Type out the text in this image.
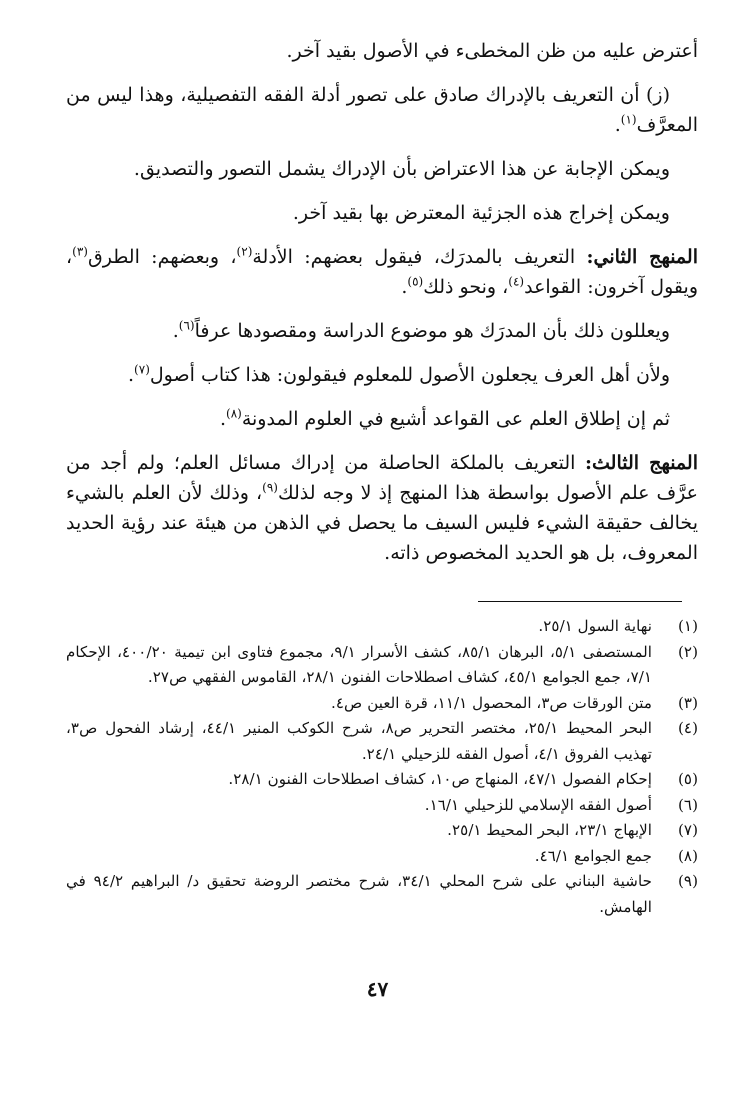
أعترض عليه من ظن المخطىء في الأصول بقيد آخر.

(ز) أن التعريف بالإدراك صادق على تصور أدلة الفقه التفصيلية، وهذا ليس من المعرَّف$^{(١)}$.

ويمكن الإجابة عن هذا الاعتراض بأن الإدراك يشمل التصور والتصديق.

ويمكن إخراج هذه الجزئية المعترض بها بقيد آخر.

المنهج الثاني: التعريف بالمدرَك، فيقول بعضهم: الأدلة$^{(٢)}$، وبعضهم: الطرق$^{(٣)}$، ويقول آخرون: القواعد$^{(٤)}$، ونحو ذلك$^{(٥)}$.

ويعللون ذلك بأن المدرَك هو موضوع الدراسة ومقصودها عرفاً$^{(٦)}$.

ولأن أهل العرف يجعلون الأصول للمعلوم فيقولون: هذا كتاب أصول$^{(٧)}$.

ثم إن إطلاق العلم عى القواعد أشيع في العلوم المدونة$^{(٨)}$.

المنهج الثالث: التعريف بالملكة الحاصلة من إدراك مسائل العلم؛ ولم أجد من عرَّف علم الأصول بواسطة هذا المنهج إذ لا وجه لذلك$^{(٩)}$، وذلك لأن العلم بالشيء يخالف حقيقة الشيء فليس السيف ما يحصل في الذهن من هيئة عند رؤية الحديد المعروف، بل هو الحديد المخصوص ذاته.

(١)
نهاية السول ٢٥/١.

(٢)
المستصفى ٥/١، البرهان ٨٥/١، كشف الأسرار ٩/١، مجموع فتاوى ابن تيمية ٤٠٠/٢٠، الإحكام ٧/١، جمع الجوامع ٤٥/١، كشاف اصطلاحات الفنون ٢٨/١، القاموس الفقهي ص٢٧.

(٣)
متن الورقات ص٣، المحصول ١١/١، قرة العين ص٤.

(٤)
البحر المحيط ٢٥/١، مختصر التحرير ص٨، شرح الكوكب المنير ٤٤/١، إرشاد الفحول ص٣، تهذيب الفروق ٤/١، أصول الفقه للزحيلي ٢٤/١.

(٥)
إحكام الفصول ٤٧/١، المنهاج ص١٠، كشاف اصطلاحات الفنون ٢٨/١.

(٦)
أصول الفقه الإسلامي للزحيلي ١٦/١.

(٧)
الإبهاج ٢٣/١، البحر المحيط ٢٥/١.

(٨)
جمع الجوامع ٤٦/١.

(٩)
حاشية البناني على شرح المحلي ٣٤/١، شرح مختصر الروضة تحقيق د/ البراهيم ٩٤/٢ في الهامش.

٤٧
